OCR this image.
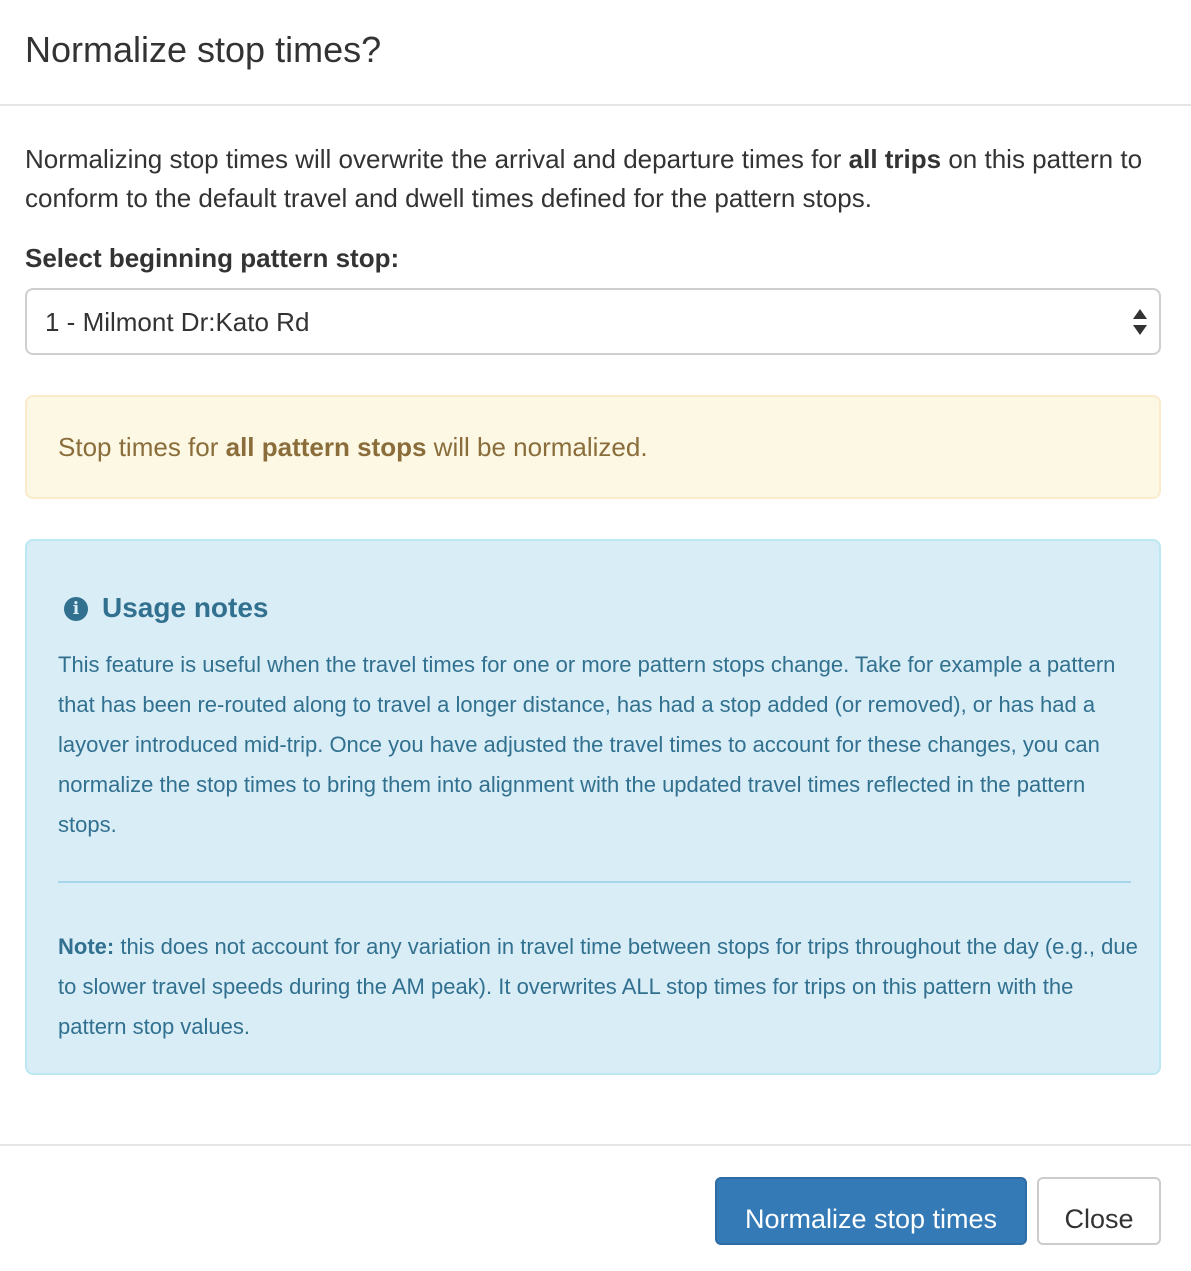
Normalize stop times?

Normalizing stop times will overwrite the arrival and departure times for all trips on this pattern to conform to the default travel and dwell times defined for the pattern stops.

Select beginning pattern stop:
1 - Milmont Dr:Kato Rd

Stop times for all pattern stops will be normalized.

i Usage notes

This feature is useful when the travel times for one or more pattern stops change. Take for example a pattern that has been re-routed along to travel a longer distance, has had a stop added (or removed), or has had a layover introduced mid-trip. Once you have adjusted the travel times to account for these changes, you can normalize the stop times to bring them into alignment with the updated travel times reflected in the pattern stops.

Note: this does not account for any variation in travel time between stops for trips throughout the day (e.g., due to slower travel speeds during the AM peak). It overwrites ALL stop times for trips on this pattern with the pattern stop values.

Normalize stop times	Close
